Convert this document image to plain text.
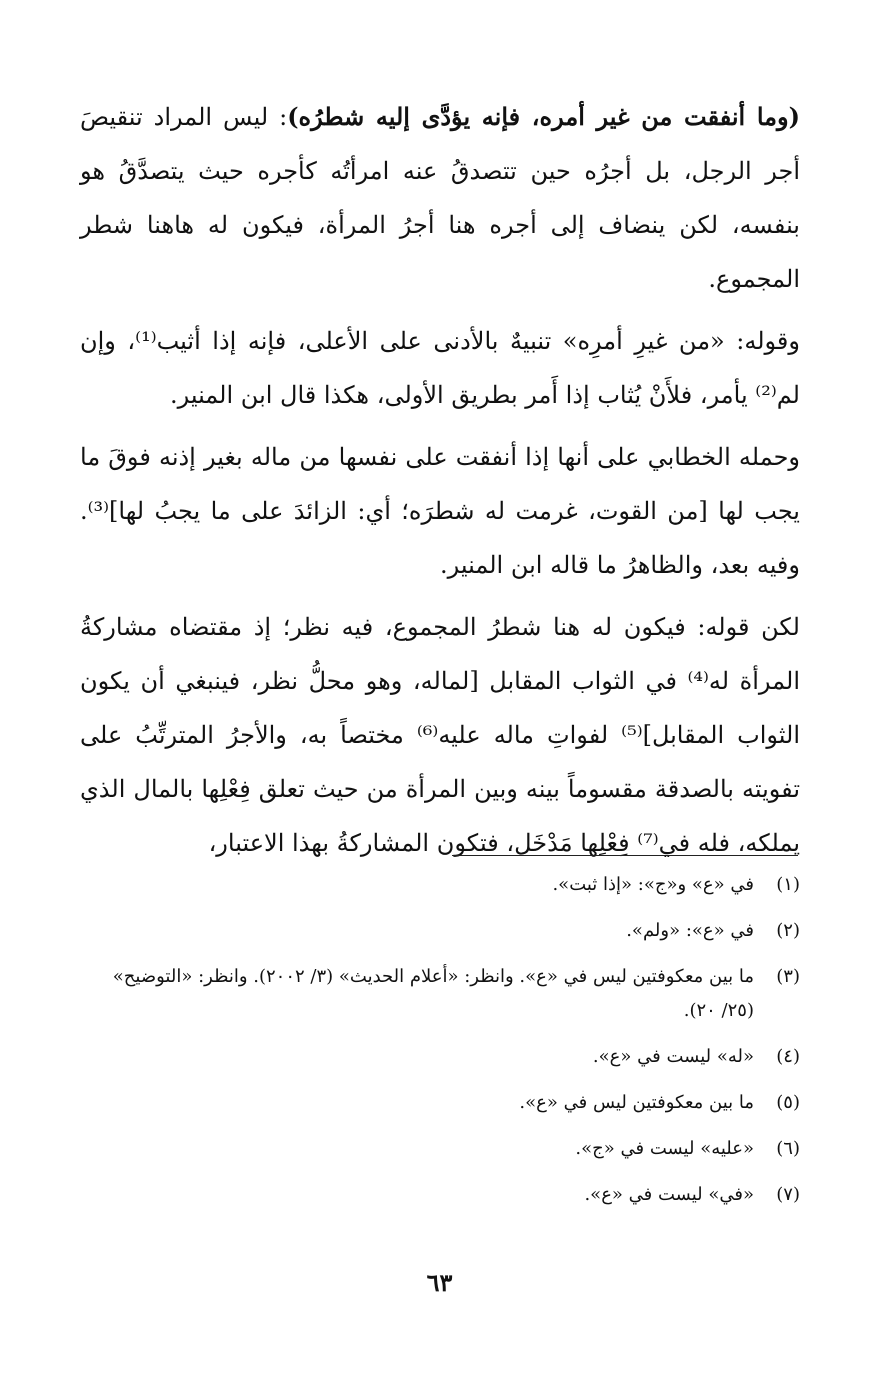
(وما أنفقت من غير أمره، فإنه يؤدَّى إليه شطرُه): ليس المراد تنقيصَ أجر الرجل، بل أجرُه حين تتصدقُ عنه امرأتُه كأجره حيث يتصدَّقُ هو بنفسه، لكن ينضاف إلى أجره هنا أجرُ المرأة، فيكون له هاهنا شطر المجموع.

وقوله: «من غيرِ أمرِه» تنبيهٌ بالأدنى على الأعلى، فإنه إذا أثيب⁽¹⁾، وإن لم⁽²⁾ يأمر، فلأَنْ يُثاب إذا أَمر بطريق الأولى، هكذا قال ابن المنير.

وحمله الخطابي على أنها إذا أنفقت على نفسها من ماله بغير إذنه فوقَ ما يجب لها [من القوت، غرمت له شطرَه؛ أي: الزائدَ على ما يجبُ لها]⁽³⁾. وفيه بعد، والظاهرُ ما قاله ابن المنير.

لكن قوله: فيكون له هنا شطرُ المجموع، فيه نظر؛ إذ مقتضاه مشاركةُ المرأة له⁽⁴⁾ في الثواب المقابل [لماله، وهو محلُّ نظر، فينبغي أن يكون الثواب المقابل]⁽⁵⁾ لفواتِ ماله عليه⁽⁶⁾ مختصاً به، والأجرُ المترتِّبُ على تفويته بالصدقة مقسوماً بينه وبين المرأة من حيث تعلق فِعْلِها بالمال الذي يملكه، فله في⁽⁷⁾ فِعْلِها مَدْخَل، فتكون المشاركةُ بهذا الاعتبار،

(١)
في «ع» و«ج»: «إذا ثبت».
(٢)
في «ع»: «ولم».
(٣)
ما بين معكوفتين ليس في «ع». وانظر: «أعلام الحديث» (٣/ ٢٠٠٢). وانظر: «التوضيح» (٢٥/ ٢٠).
(٤)
«له» ليست في «ع».
(٥)
ما بين معكوفتين ليس في «ع».
(٦)
«عليه» ليست في «ج».
(٧)
«في» ليست في «ع».
٦٣
